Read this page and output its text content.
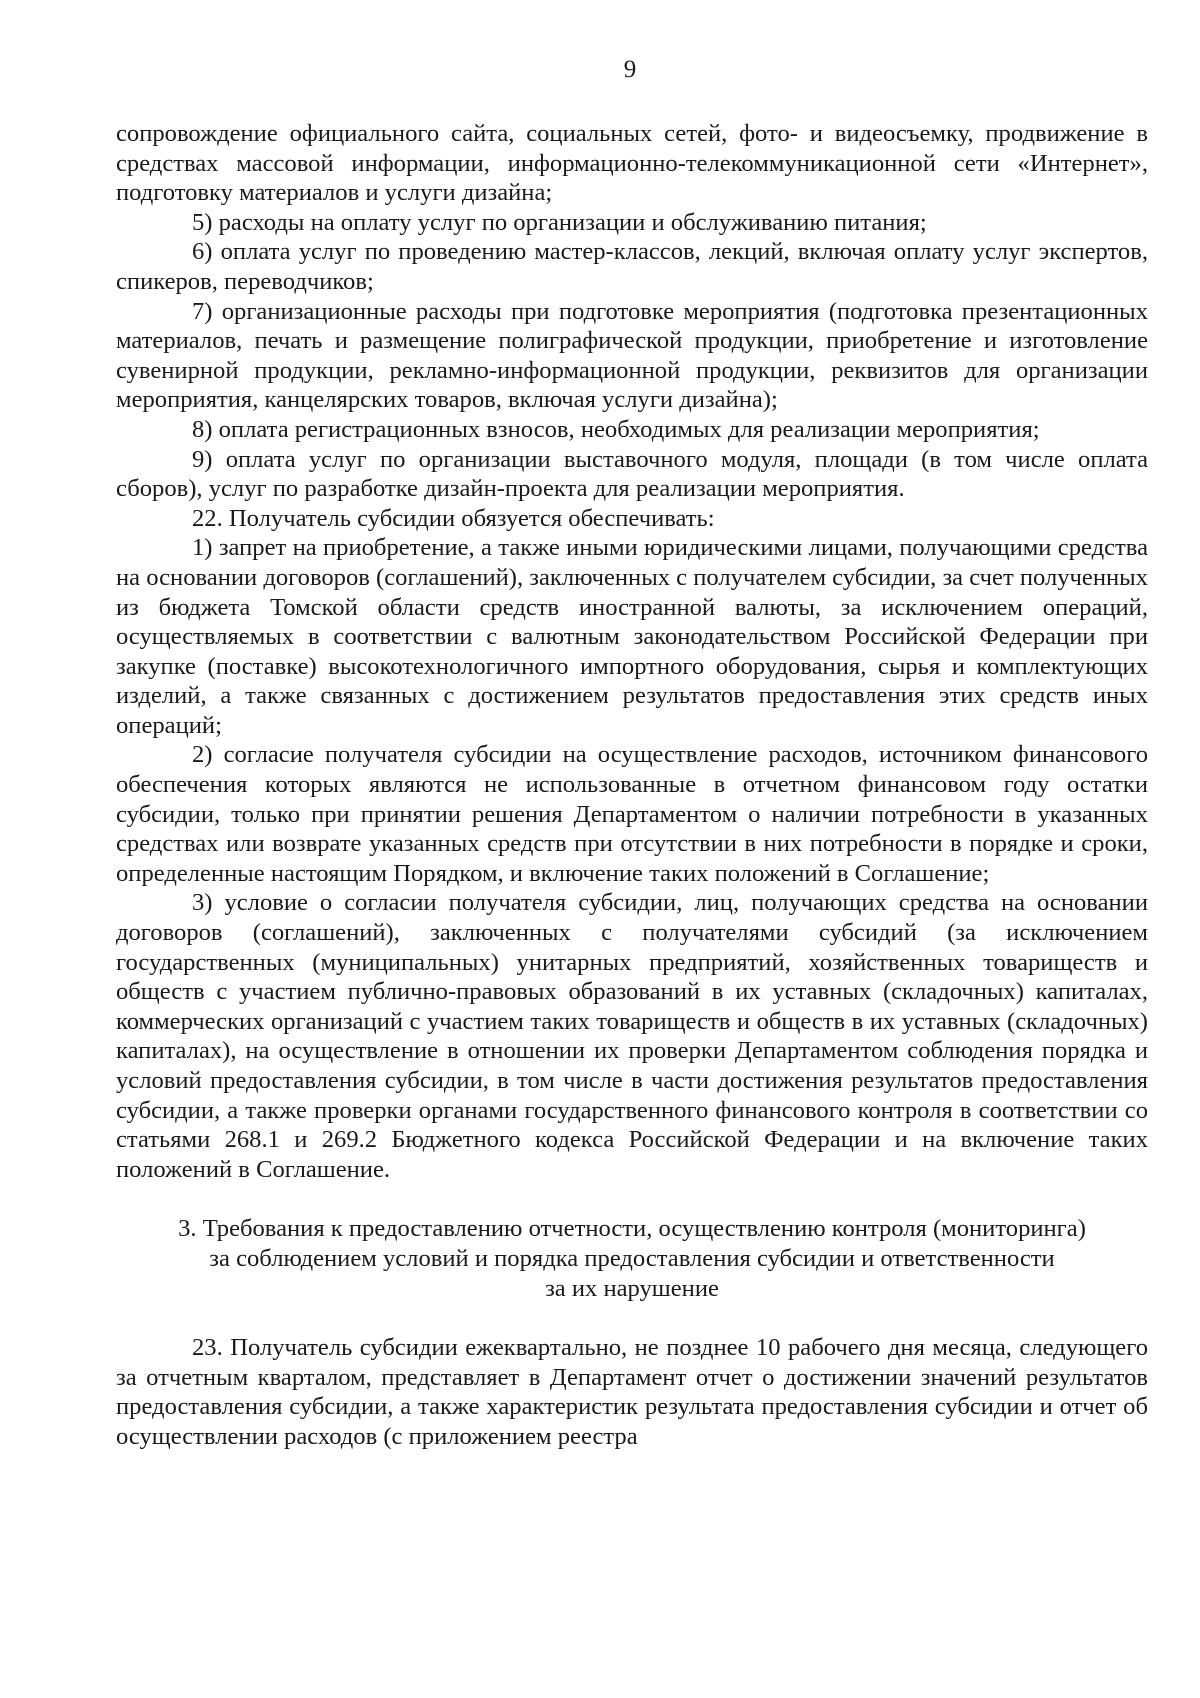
9

сопровождение официального сайта, социальных сетей, фото- и видеосъемку, продвижение в средствах массовой информации, информационно-телекоммуникационной сети «Интернет», подготовку материалов и услуги дизайна;

5) расходы на оплату услуг по организации и обслуживанию питания;

6) оплата услуг по проведению мастер-классов, лекций, включая оплату услуг экспертов, спикеров, переводчиков;

7) организационные расходы при подготовке мероприятия (подготовка презентационных материалов, печать и размещение полиграфической продукции, приобретение и изготовление сувенирной продукции, рекламно-информационной продукции, реквизитов для организации мероприятия, канцелярских товаров, включая услуги дизайна);

8) оплата регистрационных взносов, необходимых для реализации мероприятия;

9) оплата услуг по организации выставочного модуля, площади (в том числе оплата сборов), услуг по разработке дизайн-проекта для реализации мероприятия.

22. Получатель субсидии обязуется обеспечивать:

1) запрет на приобретение, а также иными юридическими лицами, получающими средства на основании договоров (соглашений), заключенных с получателем субсидии, за счет полученных из бюджета Томской области средств иностранной валюты, за исключением операций, осуществляемых в соответствии с валютным законодательством Российской Федерации при закупке (поставке) высокотехнологичного импортного оборудования, сырья и комплектующих изделий, а также связанных с достижением результатов предоставления этих средств иных операций;

2) согласие получателя субсидии на осуществление расходов, источником финансового обеспечения которых являются не использованные в отчетном финансовом году остатки субсидии, только при принятии решения Департаментом о наличии потребности в указанных средствах или возврате указанных средств при отсутствии в них потребности в порядке и сроки, определенные настоящим Порядком, и включение таких положений в Соглашение;

3) условие о согласии получателя субсидии, лиц, получающих средства на основании договоров (соглашений), заключенных с получателями субсидий (за исключением государственных (муниципальных) унитарных предприятий, хозяйственных товариществ и обществ с участием публично-правовых образований в их уставных (складочных) капиталах, коммерческих организаций с участием таких товариществ и обществ в их уставных (складочных) капиталах), на осуществление в отношении их проверки Департаментом соблюдения порядка и условий предоставления субсидии, в том числе в части достижения результатов предоставления субсидии, а также проверки органами государственного финансового контроля в соответствии со статьями 268.1 и 269.2 Бюджетного кодекса Российской Федерации и на включение таких положений в Соглашение.

3. Требования к предоставлению отчетности, осуществлению контроля (мониторинга)
за соблюдением условий и порядка предоставления субсидии и ответственности
за их нарушение

23. Получатель субсидии ежеквартально, не позднее 10 рабочего дня месяца, следующего за отчетным кварталом, представляет в Департамент отчет о достижении значений результатов предоставления субсидии, а также характеристик результата предоставления субсидии и отчет об осуществлении расходов (с приложением реестра
